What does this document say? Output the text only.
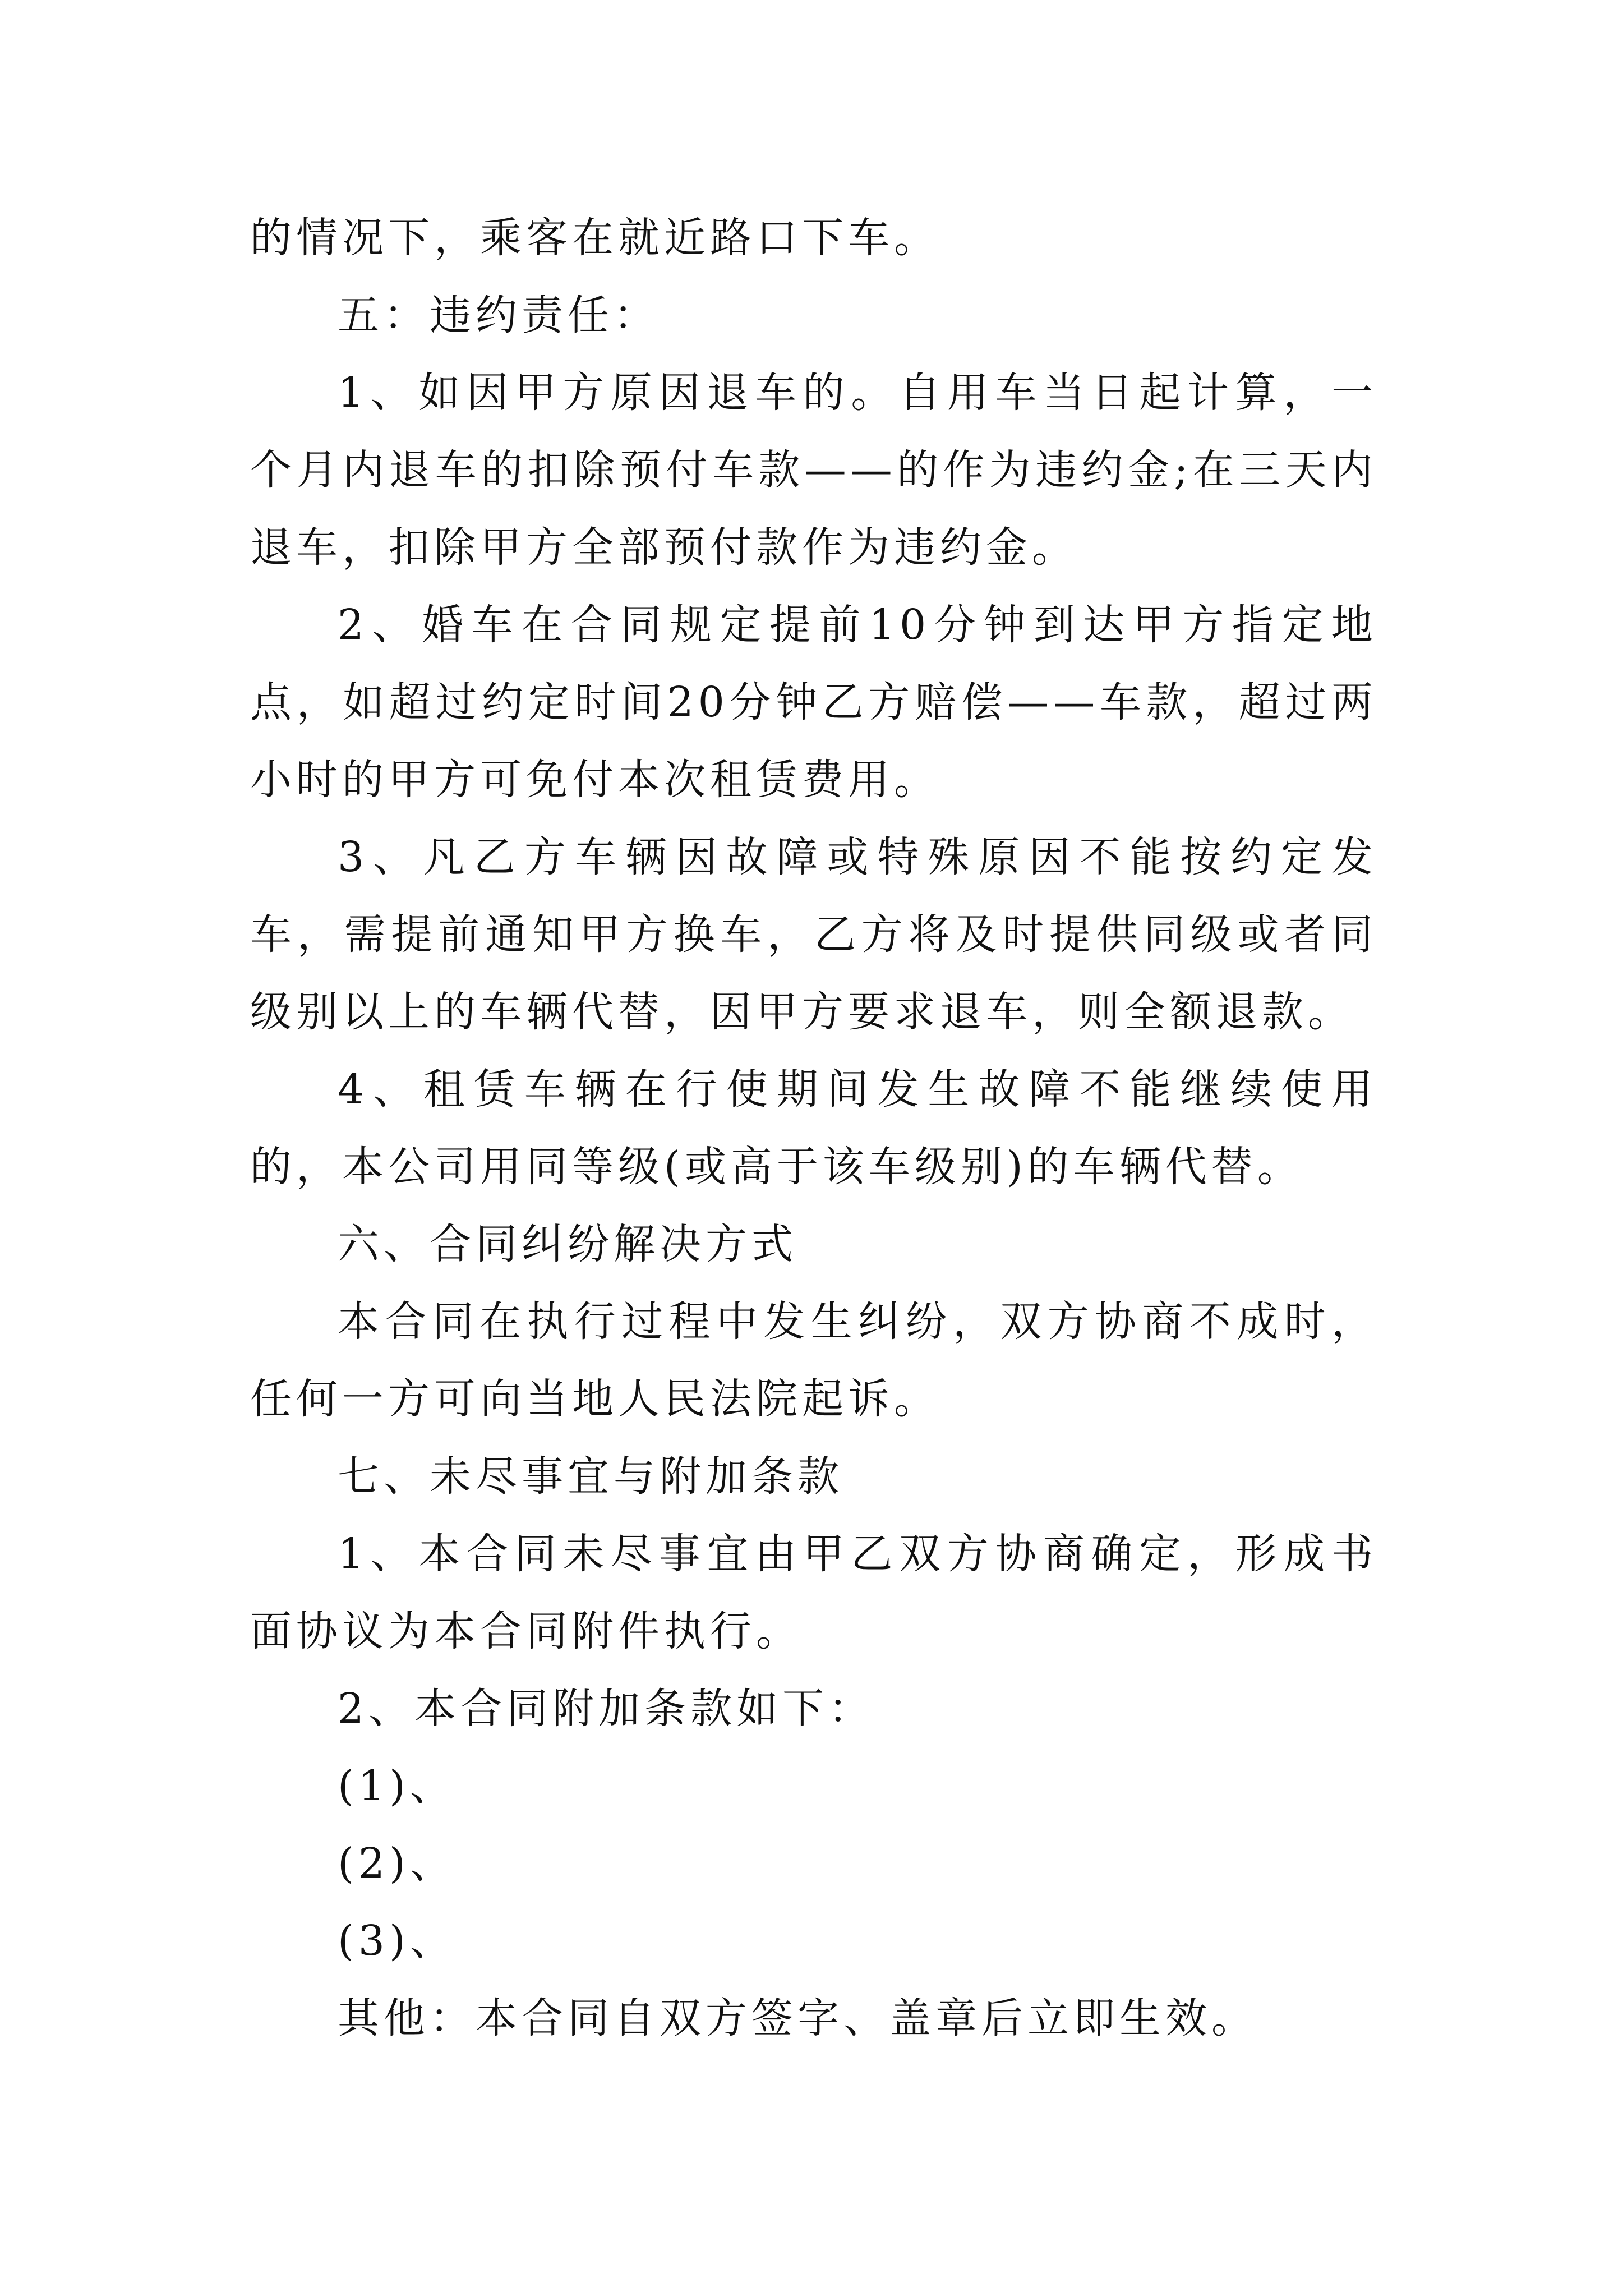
的情况下，乘客在就近路口下车。

五：违约责任：

1、如因甲方原因退车的。自用车当日起计算，一个月内退车的扣除预付车款——的作为违约金;在三天内退车，扣除甲方全部预付款作为违约金。

2、婚车在合同规定提前10分钟到达甲方指定地点，如超过约定时间20分钟乙方赔偿——车款，超过两小时的甲方可免付本次租赁费用。

3、凡乙方车辆因故障或特殊原因不能按约定发车，需提前通知甲方换车，乙方将及时提供同级或者同级别以上的车辆代替，因甲方要求退车，则全额退款。

4、租赁车辆在行使期间发生故障不能继续使用的，本公司用同等级(或高于该车级别)的车辆代替。

六、合同纠纷解决方式

本合同在执行过程中发生纠纷，双方协商不成时，任何一方可向当地人民法院起诉。

七、未尽事宜与附加条款

1、本合同未尽事宜由甲乙双方协商确定，形成书面协议为本合同附件执行。

2、本合同附加条款如下：

(1)、

(2)、

(3)、

其他：本合同自双方签字、盖章后立即生效。
